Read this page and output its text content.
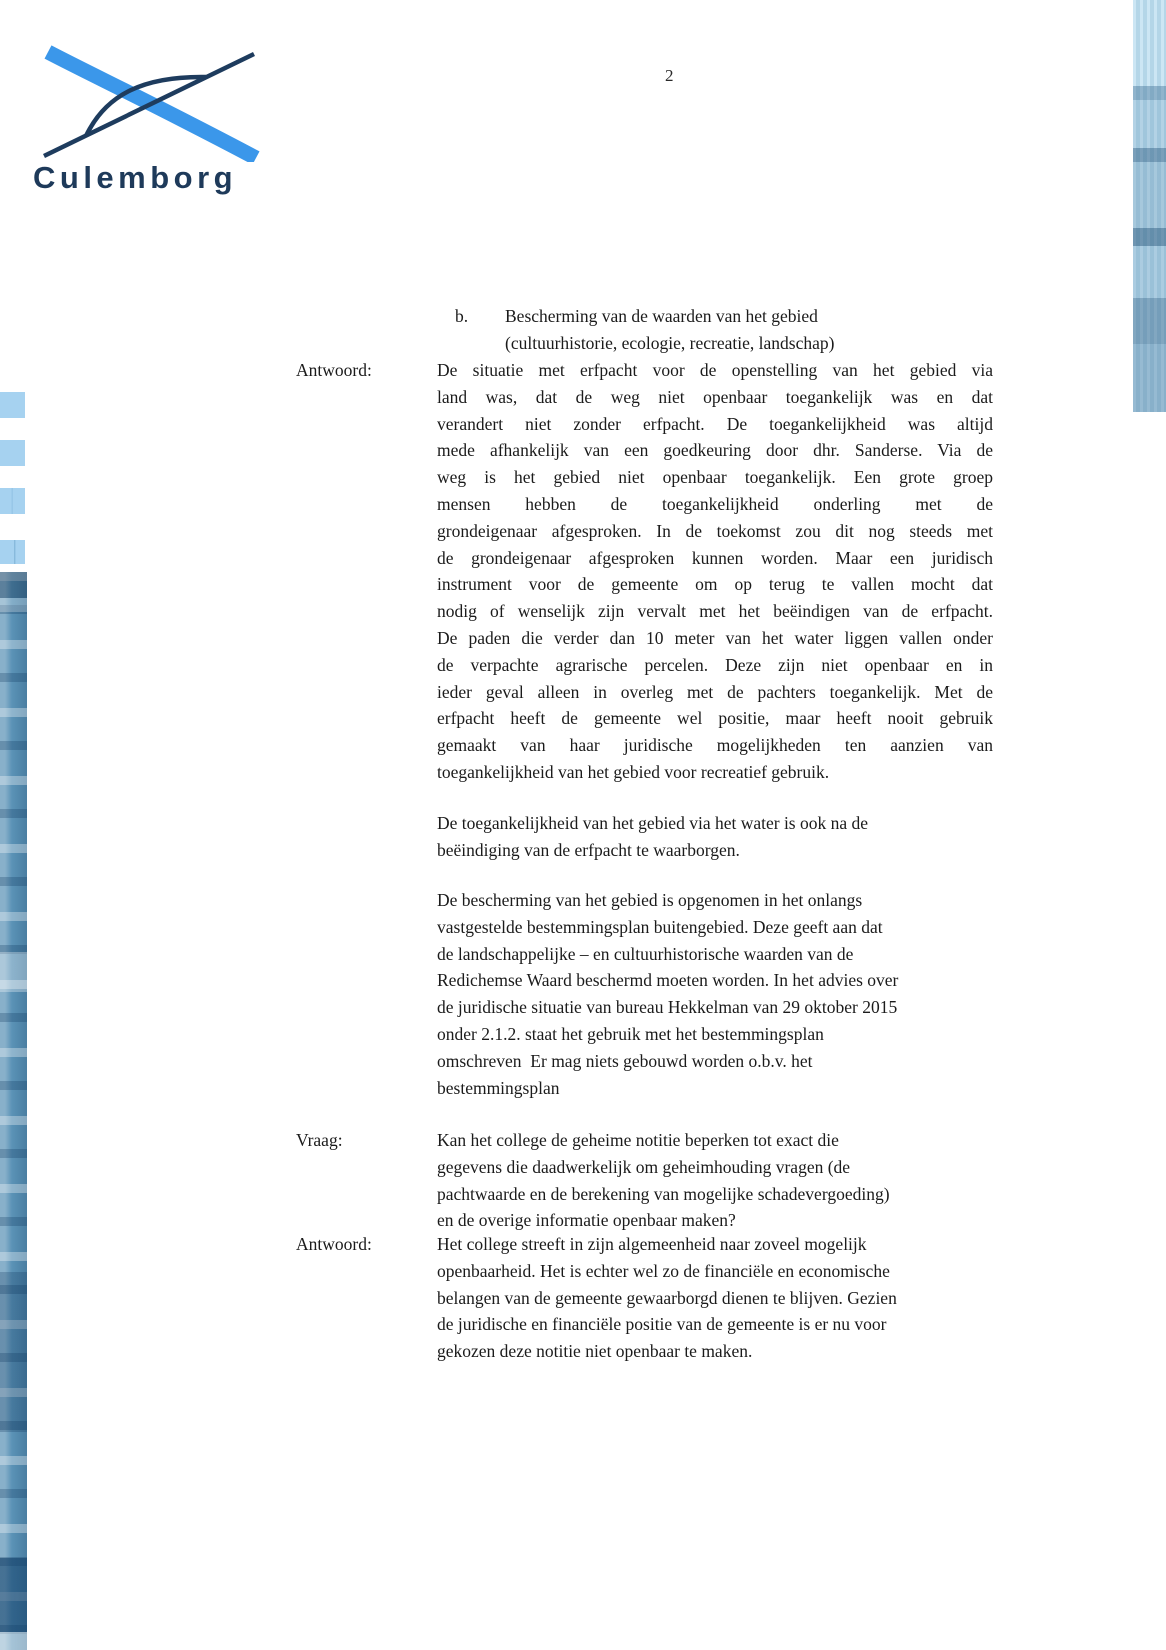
Culemborg
2
b. Bescherming van de waarden van het gebied
(cultuurhistorie, ecologie, recreatie, landschap)
Antwoord:	De situatie met erfpacht voor de openstelling van het gebied via
land was, dat de weg niet openbaar toegankelijk was en dat
verandert niet zonder erfpacht. De toegankelijkheid was altijd
mede afhankelijk van een goedkeuring door dhr. Sanderse. Via de
weg is het gebied niet openbaar toegankelijk. Een grote groep
mensen hebben de toegankelijkheid onderling met de
grondeigenaar afgesproken. In de toekomst zou dit nog steeds met
de grondeigenaar afgesproken kunnen worden. Maar een juridisch
instrument voor de gemeente om op terug te vallen mocht dat
nodig of wenselijk zijn vervalt met het beëindigen van de erfpacht.
De paden die verder dan 10 meter van het water liggen vallen onder
de verpachte agrarische percelen. Deze zijn niet openbaar en in
ieder geval alleen in overleg met de pachters toegankelijk. Met de
erfpacht heeft de gemeente wel positie, maar heeft nooit gebruik
gemaakt van haar juridische mogelijkheden ten aanzien van
toegankelijkheid van het gebied voor recreatief gebruik.
De toegankelijkheid van het gebied via het water is ook na de
beëindiging van de erfpacht te waarborgen.
De bescherming van het gebied is opgenomen in het onlangs
vastgestelde bestemmingsplan buitengebied. Deze geeft aan dat
de landschappelijke – en cultuurhistorische waarden van de
Redichemse Waard beschermd moeten worden. In het advies over
de juridische situatie van bureau Hekkelman van 29 oktober 2015
onder 2.1.2. staat het gebruik met het bestemmingsplan
omschreven  Er mag niets gebouwd worden o.b.v. het
bestemmingsplan
Vraag:	Kan het college de geheime notitie beperken tot exact die
gegevens die daadwerkelijk om geheimhouding vragen (de
pachtwaarde en de berekening van mogelijke schadevergoeding)
en de overige informatie openbaar maken?
Antwoord:	Het college streeft in zijn algemeenheid naar zoveel mogelijk
openbaarheid. Het is echter wel zo de financiële en economische
belangen van de gemeente gewaarborgd dienen te blijven. Gezien
de juridische en financiële positie van de gemeente is er nu voor
gekozen deze notitie niet openbaar te maken.
